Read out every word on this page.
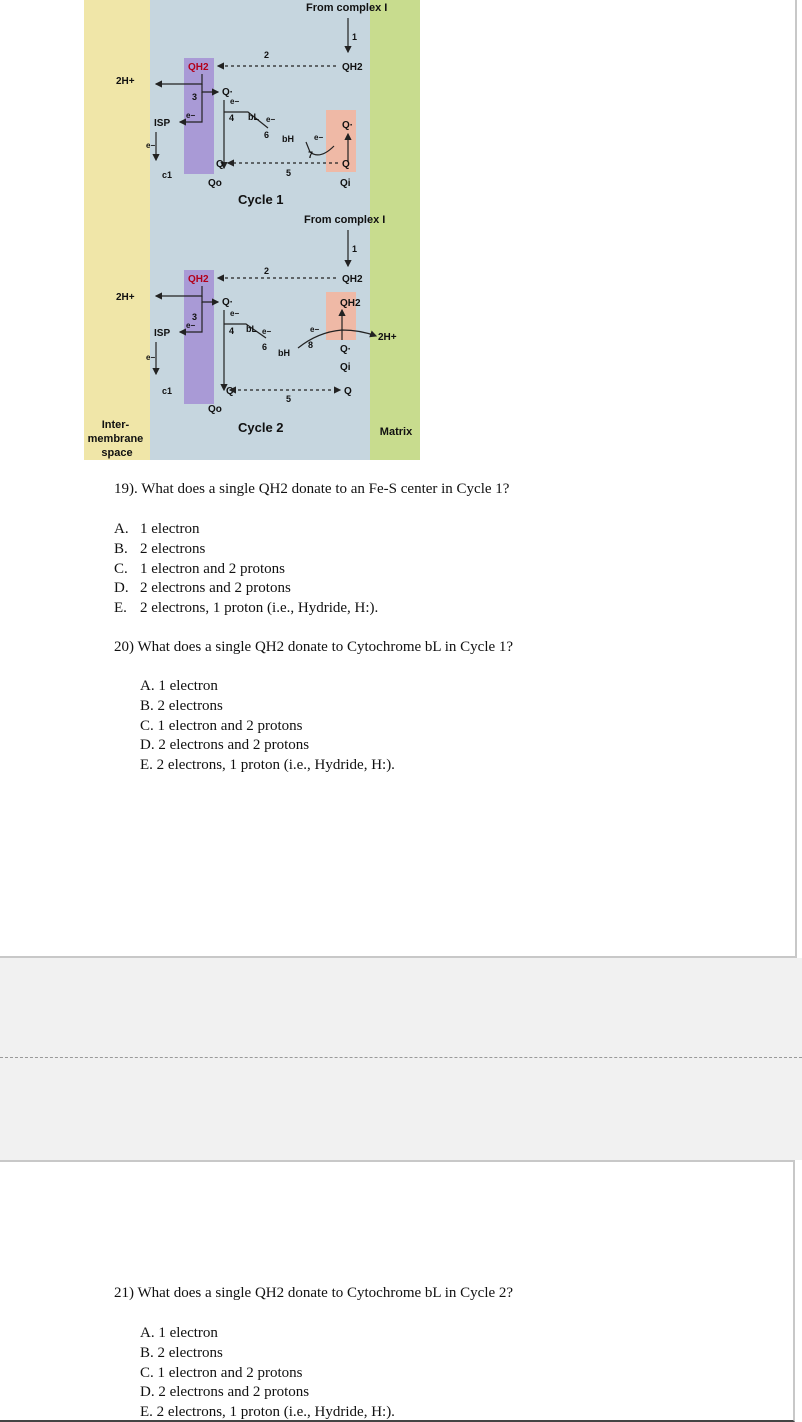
From complex I
1
QH2	QH2
2
2H+
Q·
3
ISP
e−
e−
c1
e−
4 bL e−
6 bH	e−
7
Q·
Q	Q
5
Qo	Qi
Cycle 1
From complex I
1
QH2	QH2
2
2H+	Q·
3
QH2
ISP
e−
e−
c1
e−
4 bL e−
6
bH
e−
8
2H+
Q·
Qi
Q	Q
5
Qo
Cycle 2
Inter- membrane space
Matrix
19). What does a single QH2 donate to an Fe-S center in Cycle 1?
A. 1 electron
B. 2 electrons
C. 1 electron and 2 protons
D. 2 electrons and 2 protons
E. 2 electrons, 1 proton (i.e., Hydride, H:).
20) What does a single QH2 donate to Cytochrome bL in Cycle 1?
A. 1 electron
B. 2 electrons
C. 1 electron and 2 protons
D. 2 electrons and 2 protons
E. 2 electrons, 1 proton (i.e., Hydride, H:).
21) What does a single QH2 donate to Cytochrome bL in Cycle 2?
A. 1 electron
B. 2 electrons
C. 1 electron and 2 protons
D. 2 electrons and 2 protons
E. 2 electrons, 1 proton (i.e., Hydride, H:).
